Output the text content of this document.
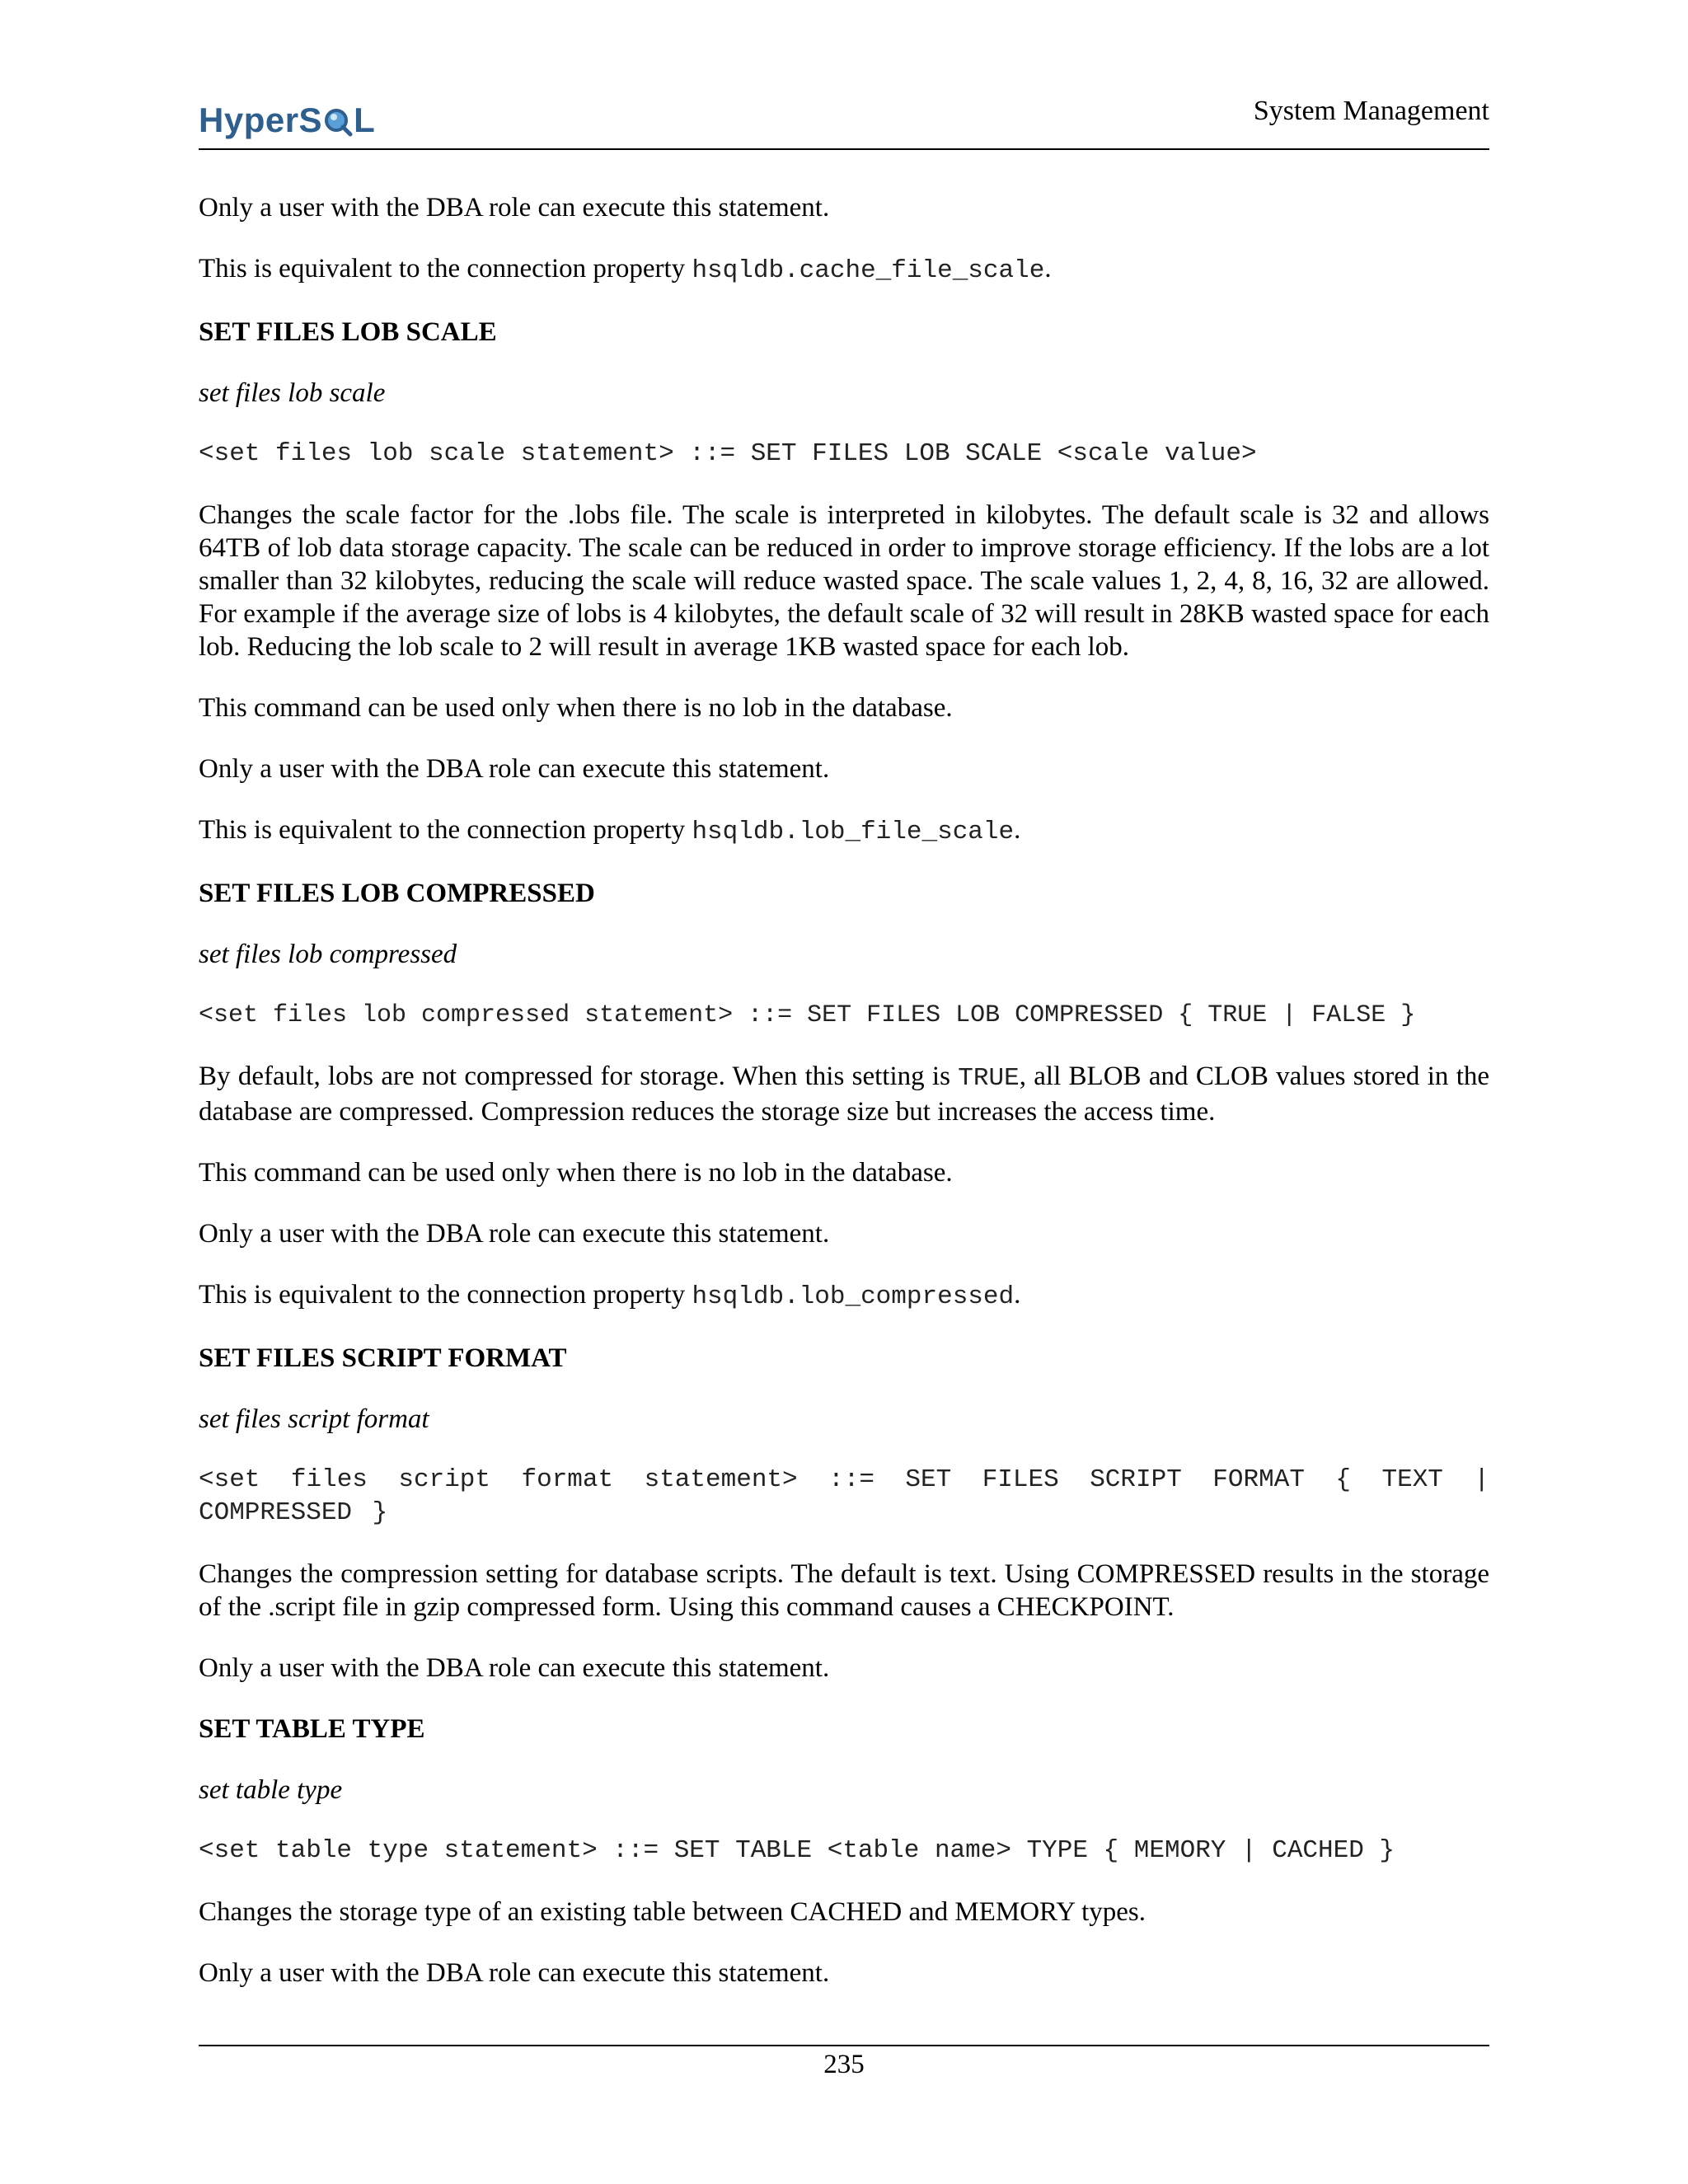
HyperS L	System Management

Only a user with the DBA role can execute this statement.

This is equivalent to the connection property hsqldb.cache_file_scale.

SET FILES LOB SCALE

set files lob scale

<set files lob scale statement> ::= SET FILES LOB SCALE <scale value>

Changes the scale factor for the .lobs file. The scale is interpreted in kilobytes. The default scale is 32 and allows 64TB of lob data storage capacity. The scale can be reduced in order to improve storage efficiency. If the lobs are a lot smaller than 32 kilobytes, reducing the scale will reduce wasted space. The scale values 1, 2, 4, 8, 16, 32 are allowed. For example if the average size of lobs is 4 kilobytes, the default scale of 32 will result in 28KB wasted space for each lob. Reducing the lob scale to 2 will result in average 1KB wasted space for each lob.

This command can be used only when there is no lob in the database.

Only a user with the DBA role can execute this statement.

This is equivalent to the connection property hsqldb.lob_file_scale.

SET FILES LOB COMPRESSED

set files lob compressed

<set files lob compressed statement> ::= SET FILES LOB COMPRESSED { TRUE | FALSE }

By default, lobs are not compressed for storage. When this setting is TRUE, all BLOB and CLOB values stored in the database are compressed. Compression reduces the storage size but increases the access time.

This command can be used only when there is no lob in the database.

Only a user with the DBA role can execute this statement.

This is equivalent to the connection property hsqldb.lob_compressed.

SET FILES SCRIPT FORMAT

set files script format

<set files script format statement> ::= SET FILES SCRIPT FORMAT { TEXT | COMPRESSED }

Changes the compression setting for database scripts. The default is text. Using COMPRESSED results in the storage of the .script file in gzip compressed form. Using this command causes a CHECKPOINT.

Only a user with the DBA role can execute this statement.

SET TABLE TYPE

set table type

<set table type statement> ::= SET TABLE <table name> TYPE { MEMORY | CACHED }

Changes the storage type of an existing table between CACHED and MEMORY types.

Only a user with the DBA role can execute this statement.

235
